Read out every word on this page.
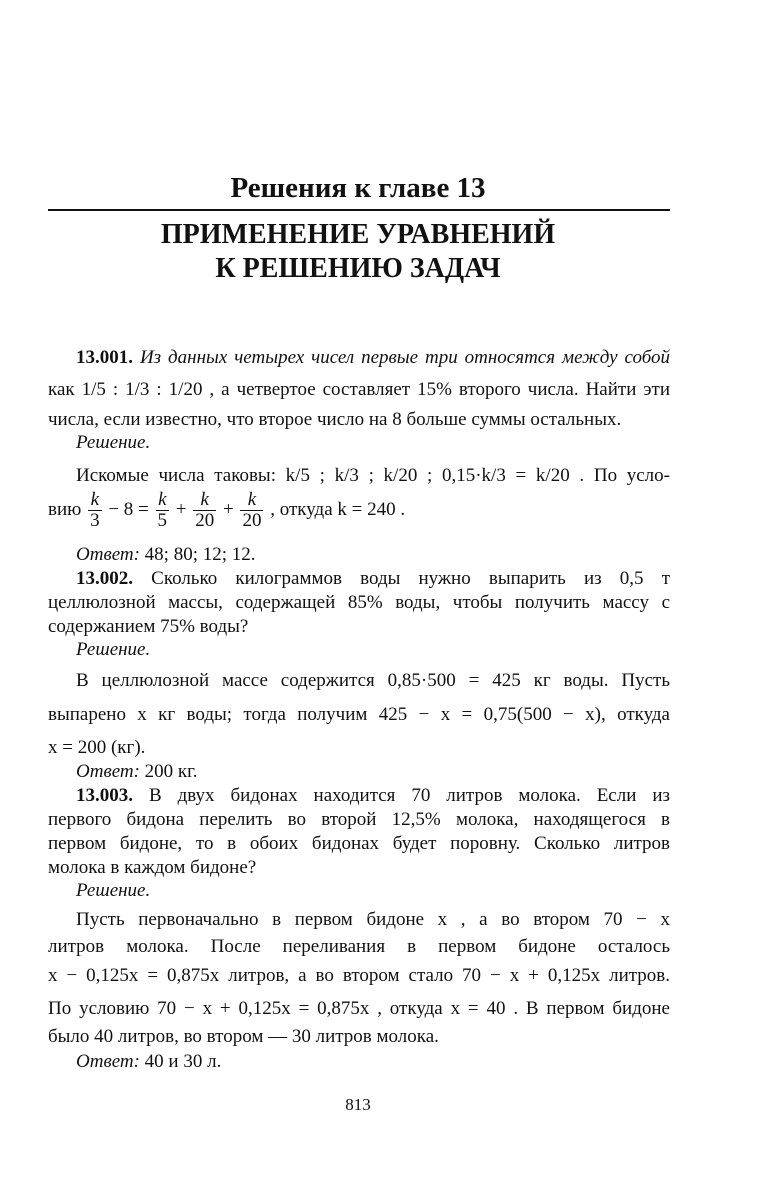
Решения к главе 13
ПРИМЕНЕНИЕ УРАВНЕНИЙ
К РЕШЕНИЮ ЗАДАЧ
13.001. Из данных четырех чисел первые три относятся между собой
как 1/5 : 1/3 : 1/20 , а четвертое составляет 15% второго числа. Найти эти
числа, если известно, что второе число на 8 больше суммы остальных.
Решение.
Искомые числа таковы: k/5 ; k/3 ; k/20 ; 0,15·k/3 = k/20 . По усло-
вию $\frac{k}{3} - 8 = \frac{k}{5} + \frac{k}{20} + \frac{k}{20}$ , откуда k = 240 .
Ответ: 48; 80; 12; 12.
13.002. Сколько килограммов воды нужно выпарить из 0,5 т
целлюлозной массы, содержащей 85% воды, чтобы получить массу с
содержанием 75% воды?
Решение.
В целлюлозной массе содержится 0,85·500 = 425 кг воды. Пусть
выпарено x кг воды; тогда получим 425 − x = 0,75(500 − x), откуда
x = 200 (кг).
Ответ: 200 кг.
13.003. В двух бидонах находится 70 литров молока. Если из
первого бидона перелить во второй 12,5% молока, находящегося в
первом бидоне, то в обоих бидонах будет поровну. Сколько литров
молока в каждом бидоне?
Решение.
Пусть первоначально в первом бидоне x , а во втором 70 − x
литров молока. После переливания в первом бидоне осталось
x − 0,125x = 0,875x литров, а во втором стало 70 − x + 0,125x литров.
По условию 70 − x + 0,125x = 0,875x , откуда x = 40 . В первом бидоне
было 40 литров, во втором — 30 литров молока.
Ответ: 40 и 30 л.
813
